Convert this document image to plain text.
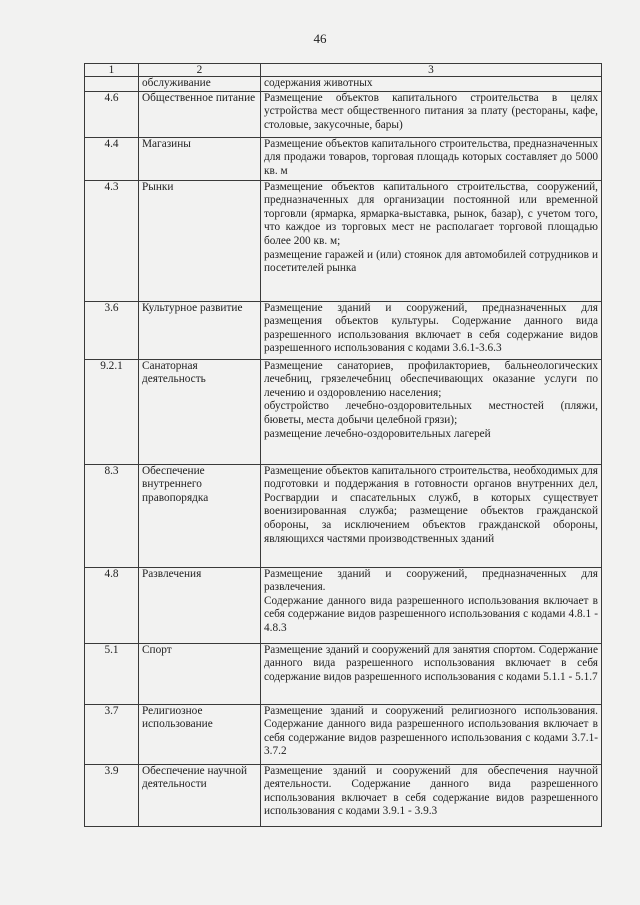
46
1	2	3
	обслуживание	содержания животных

4.6	Общественное питание	Размещение объектов капитального строительства в целях устройства мест общественного питания за плату (рестораны, кафе, столовые, закусочные, бары)

4.4	Магазины	Размещение объектов капитального строительства, предназначенных для продажи товаров, торговая площадь которых составляет до 5000 кв. м

4.3	Рынки	Размещение объектов капитального строительства, сооружений, предназначенных для организации постоянной или временной торговли (ярмарка, ярмарка-выставка, рынок, базар), с учетом того, что каждое из торговых мест не располагает торговой площадью более 200 кв. м;
размещение гаражей и (или) стоянок для автомобилей сотрудников и посетителей рынка

3.6	Культурное развитие	Размещение зданий и сооружений, предназначенных для размещения объектов культуры. Содержание данного вида разрешенного использования включает в себя содержание видов разрешенного использования с кодами 3.6.1-3.6.3

9.2.1	Санаторная деятельность	Размещение санаториев, профилакториев, бальнеологических лечебниц, грязелечебниц обеспечивающих оказание услуги по лечению и оздоровлению населения;
обустройство лечебно-оздоровительных местностей (пляжи, бюветы, места добычи целебной грязи);
размещение лечебно-оздоровительных лагерей

8.3	Обеспечение внутреннего правопорядка	Размещение объектов капитального строительства, необходимых для подготовки и поддержания в готовности органов внутренних дел, Росгвардии и спасательных служб, в которых существует военизированная служба; размещение объектов гражданской обороны, за исключением объектов гражданской обороны, являющихся частями производственных зданий

4.8	Развлечения	Размещение зданий и сооружений, предназначенных для развлечения.
Содержание данного вида разрешенного использования включает в себя содержание видов разрешенного использования с кодами 4.8.1 - 4.8.3

5.1	Спорт	Размещение зданий и сооружений для занятия спортом. Содержание данного вида разрешенного использования включает в себя содержание видов разрешенного использования с кодами 5.1.1 - 5.1.7

3.7	Религиозное использование	Размещение зданий и сооружений религиозного использования. Содержание данного вида разрешенного использования включает в себя содержание видов разрешенного использования с кодами 3.7.1-3.7.2

3.9	Обеспечение научной деятельности	Размещение зданий и сооружений для обеспечения научной деятельности. Содержание данного вида разрешенного использования включает в себя содержание видов разрешенного использования с кодами 3.9.1 - 3.9.3
